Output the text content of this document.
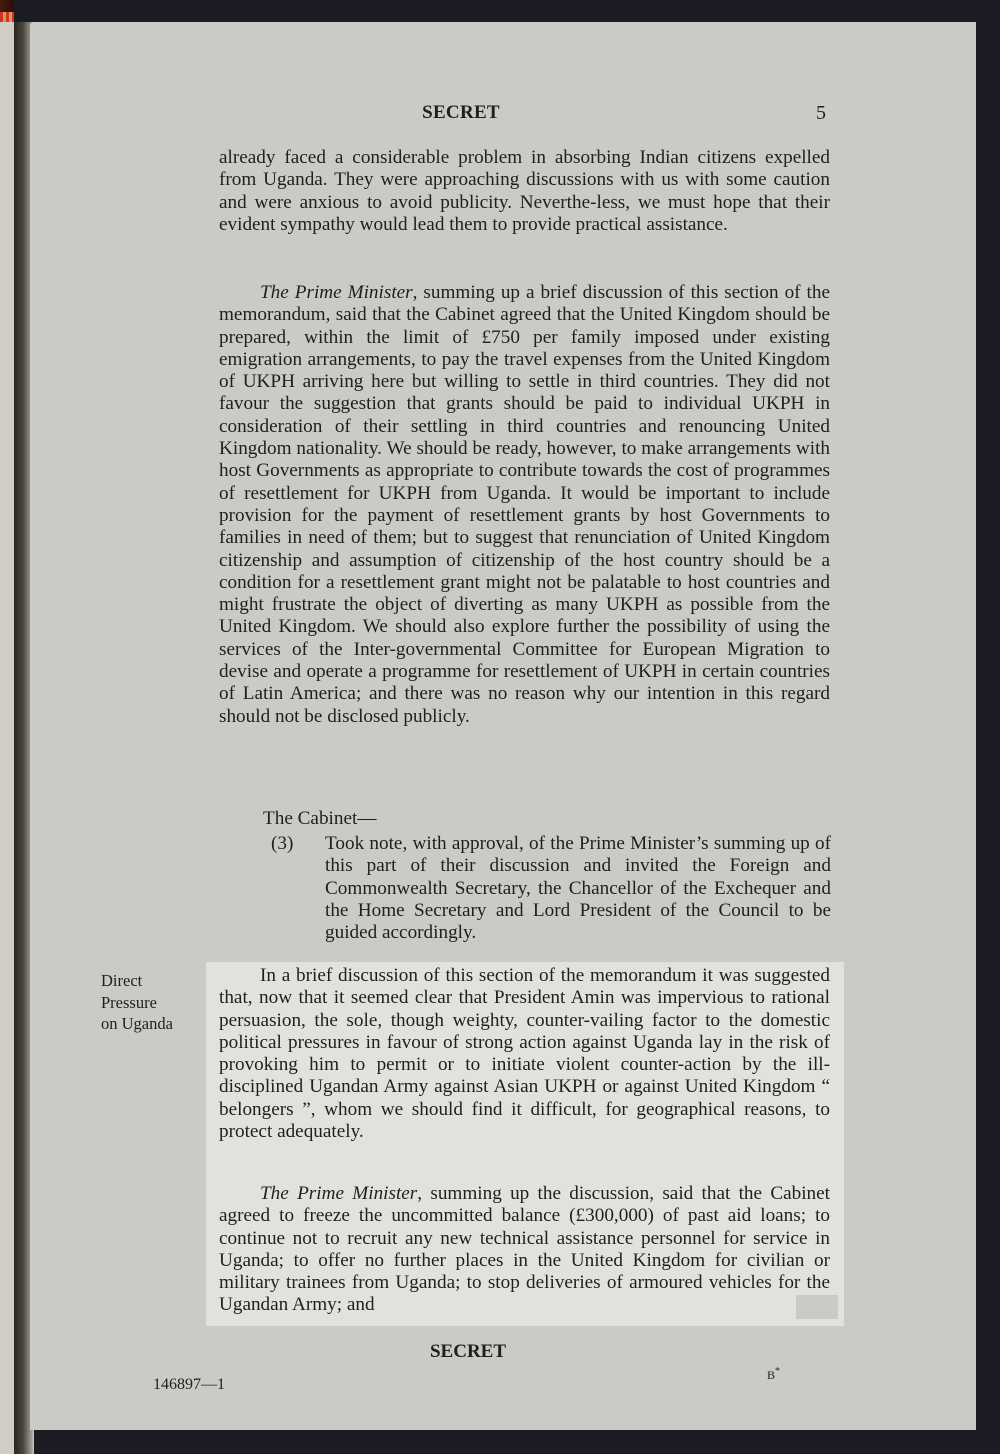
SECRET	5
already faced a considerable problem in absorbing Indian citizens expelled from Uganda. They were approaching discussions with us with some caution and were anxious to avoid publicity. Neverthe-less, we must hope that their evident sympathy would lead them to provide practical assistance.
The Prime Minister, summing up a brief discussion of this section of the memorandum, said that the Cabinet agreed that the United Kingdom should be prepared, within the limit of £750 per family imposed under existing emigration arrangements, to pay the travel expenses from the United Kingdom of UKPH arriving here but willing to settle in third countries. They did not favour the suggestion that grants should be paid to individual UKPH in consideration of their settling in third countries and renouncing United Kingdom nationality. We should be ready, however, to make arrangements with host Governments as appropriate to contribute towards the cost of programmes of resettlement for UKPH from Uganda. It would be important to include provision for the payment of resettlement grants by host Governments to families in need of them; but to suggest that renunciation of United Kingdom citizenship and assumption of citizenship of the host country should be a condition for a resettlement grant might not be palatable to host countries and might frustrate the object of diverting as many UKPH as possible from the United Kingdom. We should also explore further the possibility of using the services of the Inter-governmental Committee for European Migration to devise and operate a programme for resettlement of UKPH in certain countries of Latin America; and there was no reason why our intention in this regard should not be disclosed publicly.
The Cabinet—
(3) Took note, with approval, of the Prime Minister’s summing up of this part of their discussion and invited the Foreign and Commonwealth Secretary, the Chancellor of the Exchequer and the Home Secretary and Lord President of the Council to be guided accordingly.
Direct
Pressure
on Uganda
In a brief discussion of this section of the memorandum it was suggested that, now that it seemed clear that President Amin was impervious to rational persuasion, the sole, though weighty, counter-vailing factor to the domestic political pressures in favour of strong action against Uganda lay in the risk of provoking him to permit or to initiate violent counter-action by the ill-disciplined Ugandan Army against Asian UKPH or against United Kingdom “ belongers ”, whom we should find it difficult, for geographical reasons, to protect adequately.
The Prime Minister, summing up the discussion, said that the Cabinet agreed to freeze the uncommitted balance (£300,000) of past aid loans; to continue not to recruit any new technical assistance personnel for service in Uganda; to offer no further places in the United Kingdom for civilian or military trainees from Uganda; to stop deliveries of armoured vehicles for the Ugandan Army; and
SECRET
146897—1
B*
